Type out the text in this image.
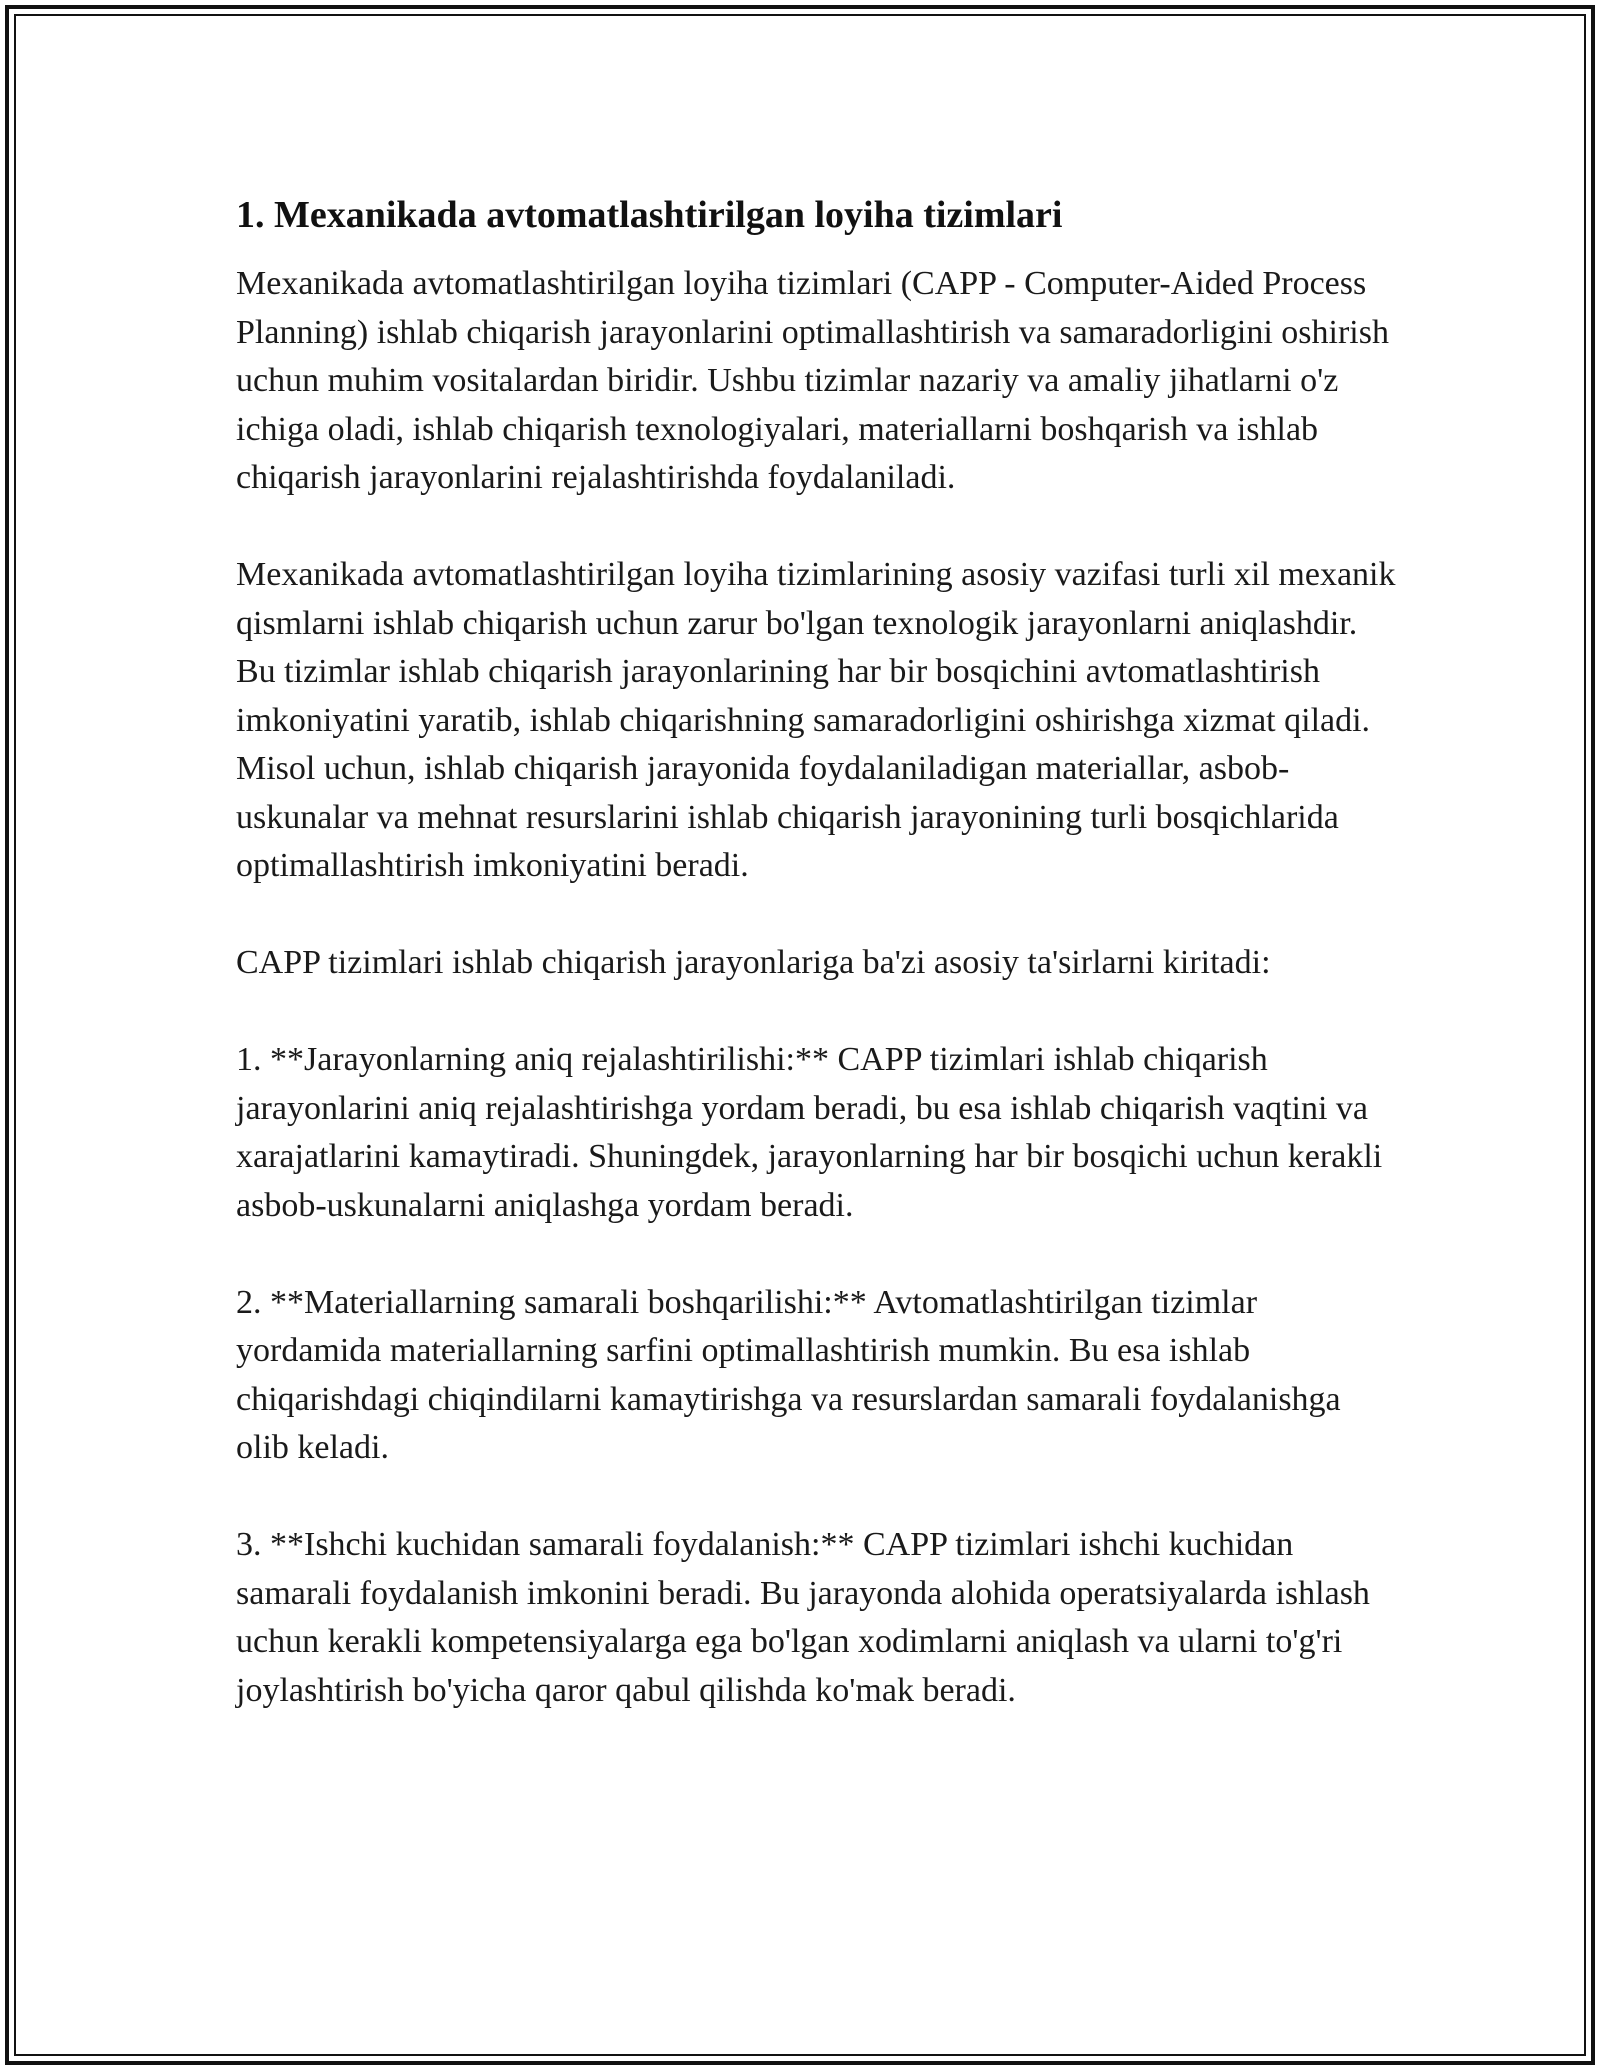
1. Mexanikada avtomatlashtirilgan loyiha tizimlari

Mexanikada avtomatlashtirilgan loyiha tizimlari (CAPP - Computer-Aided Process Planning) ishlab chiqarish jarayonlarini optimallashtirish va samaradorligini oshirish uchun muhim vositalardan biridir. Ushbu tizimlar nazariy va amaliy jihatlarni o'z ichiga oladi, ishlab chiqarish texnologiyalari, materiallarni boshqarish va ishlab chiqarish jarayonlarini rejalashtirishda foydalaniladi.

Mexanikada avtomatlashtirilgan loyiha tizimlarining asosiy vazifasi turli xil mexanik qismlarni ishlab chiqarish uchun zarur bo'lgan texnologik jarayonlarni aniqlashdir. Bu tizimlar ishlab chiqarish jarayonlarining har bir bosqichini avtomatlashtirish imkoniyatini yaratib, ishlab chiqarishning samaradorligini oshirishga xizmat qiladi. Misol uchun, ishlab chiqarish jarayonida foydalaniladigan materiallar, asbob-uskunalar va mehnat resurslarini ishlab chiqarish jarayonining turli bosqichlarida optimallashtirish imkoniyatini beradi.

CAPP tizimlari ishlab chiqarish jarayonlariga ba'zi asosiy ta'sirlarni kiritadi:

1. **Jarayonlarning aniq rejalashtirilishi:** CAPP tizimlari ishlab chiqarish jarayonlarini aniq rejalashtirishga yordam beradi, bu esa ishlab chiqarish vaqtini va xarajatlarini kamaytiradi. Shuningdek, jarayonlarning har bir bosqichi uchun kerakli asbob-uskunalarni aniqlashga yordam beradi.

2. **Materiallarning samarali boshqarilishi:** Avtomatlashtirilgan tizimlar yordamida materiallarning sarfini optimallashtirish mumkin. Bu esa ishlab chiqarishdagi chiqindilarni kamaytirishga va resurslardan samarali foydalanishga olib keladi.

3. **Ishchi kuchidan samarali foydalanish:** CAPP tizimlari ishchi kuchidan samarali foydalanish imkonini beradi. Bu jarayonda alohida operatsiyalarda ishlash uchun kerakli kompetensiyalarga ega bo'lgan xodimlarni aniqlash va ularni to'g'ri joylashtirish bo'yicha qaror qabul qilishda ko'mak beradi.
